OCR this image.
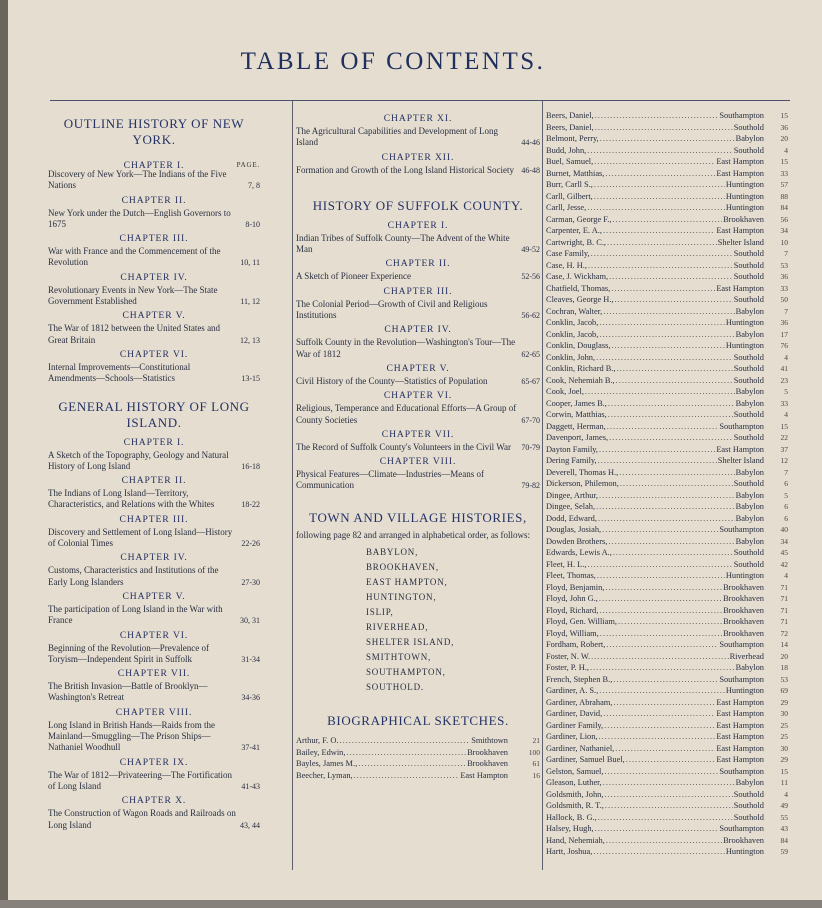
TABLE OF CONTENTS.
OUTLINE HISTORY OF NEW YORK.
CHAPTER I.	PAGE.
Discovery of New York—The Indians of the Five Nations	7, 8
CHAPTER II.
New York under the Dutch—English Governors to 1675	8-10
CHAPTER III.
War with France and the Commencement of the Revolution	10, 11
CHAPTER IV.
Revolutionary Events in New York—The State Government Established	11, 12
CHAPTER V.
The War of 1812 between the United States and Great Britain	12, 13
CHAPTER VI.
Internal Improvements—Constitutional Amendments—Schools—Statistics	13-15
GENERAL HISTORY OF LONG ISLAND.
CHAPTER I.
A Sketch of the Topography, Geology and Natural History of Long Island	16-18
CHAPTER II.
The Indians of Long Island—Territory, Characteristics, and Relations with the Whites	18-22
CHAPTER III.
Discovery and Settlement of Long Island—History of Colonial Times	22-26
CHAPTER IV.
Customs, Characteristics and Institutions of the Early Long Islanders	27-30
CHAPTER V.
The participation of Long Island in the War with France	30, 31
CHAPTER VI.
Beginning of the Revolution—Prevalence of Toryism—Independent Spirit in Suffolk	31-34
CHAPTER VII.
The British Invasion—Battle of Brooklyn—Washington's Retreat	34-36
CHAPTER VIII.
Long Island in British Hands—Raids from the Mainland—Smuggling—The Prison Ships—Nathaniel Woodhull	37-41
CHAPTER IX.
The War of 1812—Privateering—The Fortification of Long Island	41-43
CHAPTER X.
The Construction of Wagon Roads and Railroads on Long Island	43, 44
CHAPTER XI.
The Agricultural Capabilities and Development of Long Island	44-46
CHAPTER XII.
Formation and Growth of the Long Island Historical Society 46-48
HISTORY OF SUFFOLK COUNTY.
CHAPTER I.
Indian Tribes of Suffolk County—The Advent of the White Man	49-52
CHAPTER II.
A Sketch of Pioneer Experience	52-56
CHAPTER III.
The Colonial Period—Growth of Civil and Religious Institutions	56-62
CHAPTER IV.
Suffolk County in the Revolution—Washington's Tour—The War of 1812	62-65
CHAPTER V.
Civil History of the County—Statistics of Population	65-67
CHAPTER VI.
Religious, Temperance and Educational Efforts—A Group of County Societies	67-70
CHAPTER VII.
The Record of Suffolk County's Volunteers in the Civil War	70-79
CHAPTER VIII.
Physical Features—Climate—Industries—Means of Communication	79-82
TOWN AND VILLAGE HISTORIES,
following page 82 and arranged in alphabetical order, as follows:
BABYLON,
BROOKHAVEN,
EAST HAMPTON,
HUNTINGTON,
ISLIP,
RIVERHEAD,
SHELTER ISLAND,
SMITHTOWN,
SOUTHAMPTON,
SOUTHOLD.
BIOGRAPHICAL SKETCHES.
Arthur, F. O. .....	Smithtown	21
Bailey, Edwin, .....	Brookhaven	100
Bayles, James M., .....	Brookhaven	61
Beecher, Lyman, .....	East Hampton	16
Beers, Daniel, .....	Southampton	15
Beers, Daniel, .....	Southold	36
Belmont, Perry, .....	Babylon	20
Budd, John, .....	Southold	4
Buel, Samuel, .....	East Hampton	15
Burnet, Matthias, .....	East Hampton	33
Burr, Carll S., .....	Huntington	57
Carll, Gilbert, .....	Huntington	88
Carll, Jesse, .....	Huntington	84
Carman, George F., .....	Brookhaven	56
Carpenter, E. A., .....	East Hampton	34
Cartwright, B. C., .....	Shelter Island	10
Case Family, .....	Southold	7
Case, H. H., .....	Southold	53
Case, J. Wickham, .....	Southold	36
Chatfield, Thomas, .....	East Hampton	33
Cleaves, George H., .....	Southold	50
Cochran, Walter, .....	Babylon	7
Conklin, Jacob, .....	Huntington	36
Conklin, Jacob, .....	Babylon	17
Conklin, Douglass, .....	Huntington	76
Conklin, John, .....	Southold	4
Conklin, Richard B., .....	Southold	41
Cook, Nehemiah B., .....	Southold	23
Cook, Joel, .....	Babylon	5
Cooper, James B., .....	Babylon	33
Corwin, Matthias, .....	Southold	4
Daggett, Herman, .....	Southampton	15
Davenport, James, .....	Southold	22
Dayton Family, .....	East Hampton	37
Dering Family, .....	Shelter Island	12
Deverell, Thomas H., .....	Babylon	7
Dickerson, Philemon, .....	Southold	6
Dingee, Arthur, .....	Babylon	5
Dingee, Selah, .....	Babylon	6
Dodd, Edward, .....	Babylon	6
Douglas, Josiah, .....	Southampton	40
Dowden Brothers, .....	Babylon	34
Edwards, Lewis A., .....	Southold	45
Fleet, H. L., .....	Southold	42
Fleet, Thomas, .....	Huntington	4
Floyd, Benjamin, .....	Brookhaven	71
Floyd, John G., .....	Brookhaven	71
Floyd, Richard, .....	Brookhaven	71
Floyd, Gen. William, .....	Brookhaven	71
Floyd, William, .....	Brookhaven	72
Fordham, Robert, .....	Southampton	14
Foster, N. W. .....	Riverhead	20
Foster, P. H., .....	Babylon	18
French, Stephen B., .....	Southampton	53
Gardiner, A. S., .....	Huntington	69
Gardiner, Abraham, .....	East Hampton	29
Gardiner, David, .....	East Hampton	30
Gardiner Family, .....	East Hampton	25
Gardiner, Lion, .....	East Hampton	25
Gardiner, Nathaniel, .....	East Hampton	30
Gardiner, Samuel Buel, .....	East Hampton	29
Gelston, Samuel, .....	Southampton	15
Gleason, Luther, .....	Babylon	11
Goldsmith, John, .....	Southold	4
Goldsmith, R. T., .....	Southold	49
Hallock, B. G., .....	Southold	55
Halsey, Hugh, .....	Southampton	43
Hand, Nehemiah, .....	Brookhaven	84
Hartt, Joshua, .....	Huntington	59
